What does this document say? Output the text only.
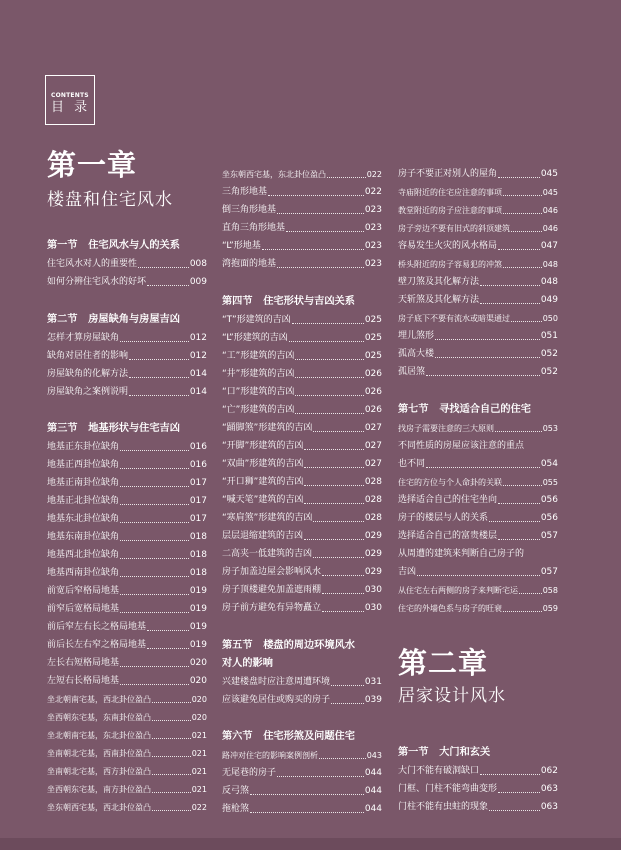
CONTENTS
目 录
第一章
楼盘和住宅风水
第一节 住宅风水与人的关系
住宅风水对人的重要性	008
如何分辨住宅风水的好坏	009
第二节 房屋缺角与房屋吉凶
怎样才算房屋缺角	012
缺角对居住者的影响	012
房屋缺角的化解方法	014
房屋缺角之案例说明	014
第三节 地基形状与住宅吉凶
地基正东卦位缺角	016
地基正西卦位缺角	016
地基正南卦位缺角	017
地基正北卦位缺角	017
地基东北卦位缺角	017
地基东南卦位缺角	018
地基西北卦位缺角	018
地基西南卦位缺角	018
前宽后窄格局地基	019
前窄后宽格局地基	019
前后窄左右长之格局地基	019
前后长左右窄之格局地基	019
左长右短格局地基	020
左短右长格局地基	020
坐北朝南宅基，西北卦位盈凸	020
坐西朝东宅基，东南卦位盈凸	020
坐北朝南宅基，东北卦位盈凸	021
坐南朝北宅基，西南卦位盈凸	021
坐南朝北宅基，西方卦位盈凸	021
坐西朝东宅基，南方卦位盈凸	021
坐东朝西宅基，西北卦位盈凸	022
坐东朝西宅基，东北卦位盈凸	022
三角形地基	022
倒三角形地基	023
直角三角形地基	023
“L”形地基	023
湾抱面的地基	023
第四节 住宅形状与吉凶关系
“T”形建筑的吉凶	025
“L”形建筑的吉凶	025
“工”形建筑的吉凶	025
“井”形建筑的吉凶	026
“口”形建筑的吉凶	026
“亡”形建筑的吉凶	026
“踊脚煞”形建筑的吉凶	027
“开脚”形建筑的吉凶	027
“双曲”形建筑的吉凶	027
“开口狮”建筑的吉凶	028
“喊天笔”建筑的吉凶	028
“寒肩煞”形建筑的吉凶	028
层层退缩建筑的吉凶	029
二高夹一低建筑的吉凶	029
房子加盖边屋会影响风水	029
房子顶楼避免加盖遮雨棚	030
房子前方避免有异物矗立	030
第五节 楼盘的周边环境风水
对人的影响
兴建楼盘时应注意周遭环境	031
应该避免居住或购买的房子	039
第六节 住宅形煞及问题住宅
路冲对住宅的影响案例剖析	043
无尾巷的房子	044
反弓煞	044
拖枪煞	044
房子不要正对别人的屋角	045
寺庙附近的住宅应注意的事项	045
教堂附近的房子应注意的事项	046
房子旁边不要有旧式的斜顶建筑	046
容易发生火灾的风水格局	047
桥头附近的房子容易犯的冲煞	048
壁刀煞及其化解方法	048
天斩煞及其化解方法	049
房子底下不要有流水或暗渠通过	050
埋儿煞形	051
孤高大楼	052
孤居煞	052
第七节 寻找适合自己的住宅
找房子需要注意的三大原则	053
不同性质的房屋应该注意的重点
也不同	054
住宅的方位与个人命卦的关联	055
选择适合自己的住宅坐向	056
房子的楼层与人的关系	056
选择适合自己的富贵楼层	057
从周遭的建筑来判断自己房子的
吉凶	057
从住宅左右两侧的房子来判断宅运	058
住宅的外墙色系与房子的旺衰	059
第二章
居家设计风水
第一节 大门和玄关
大门不能有破洞缺口	062
门框、门柱不能弯曲变形	063
门柱不能有虫蛀的现象	063
